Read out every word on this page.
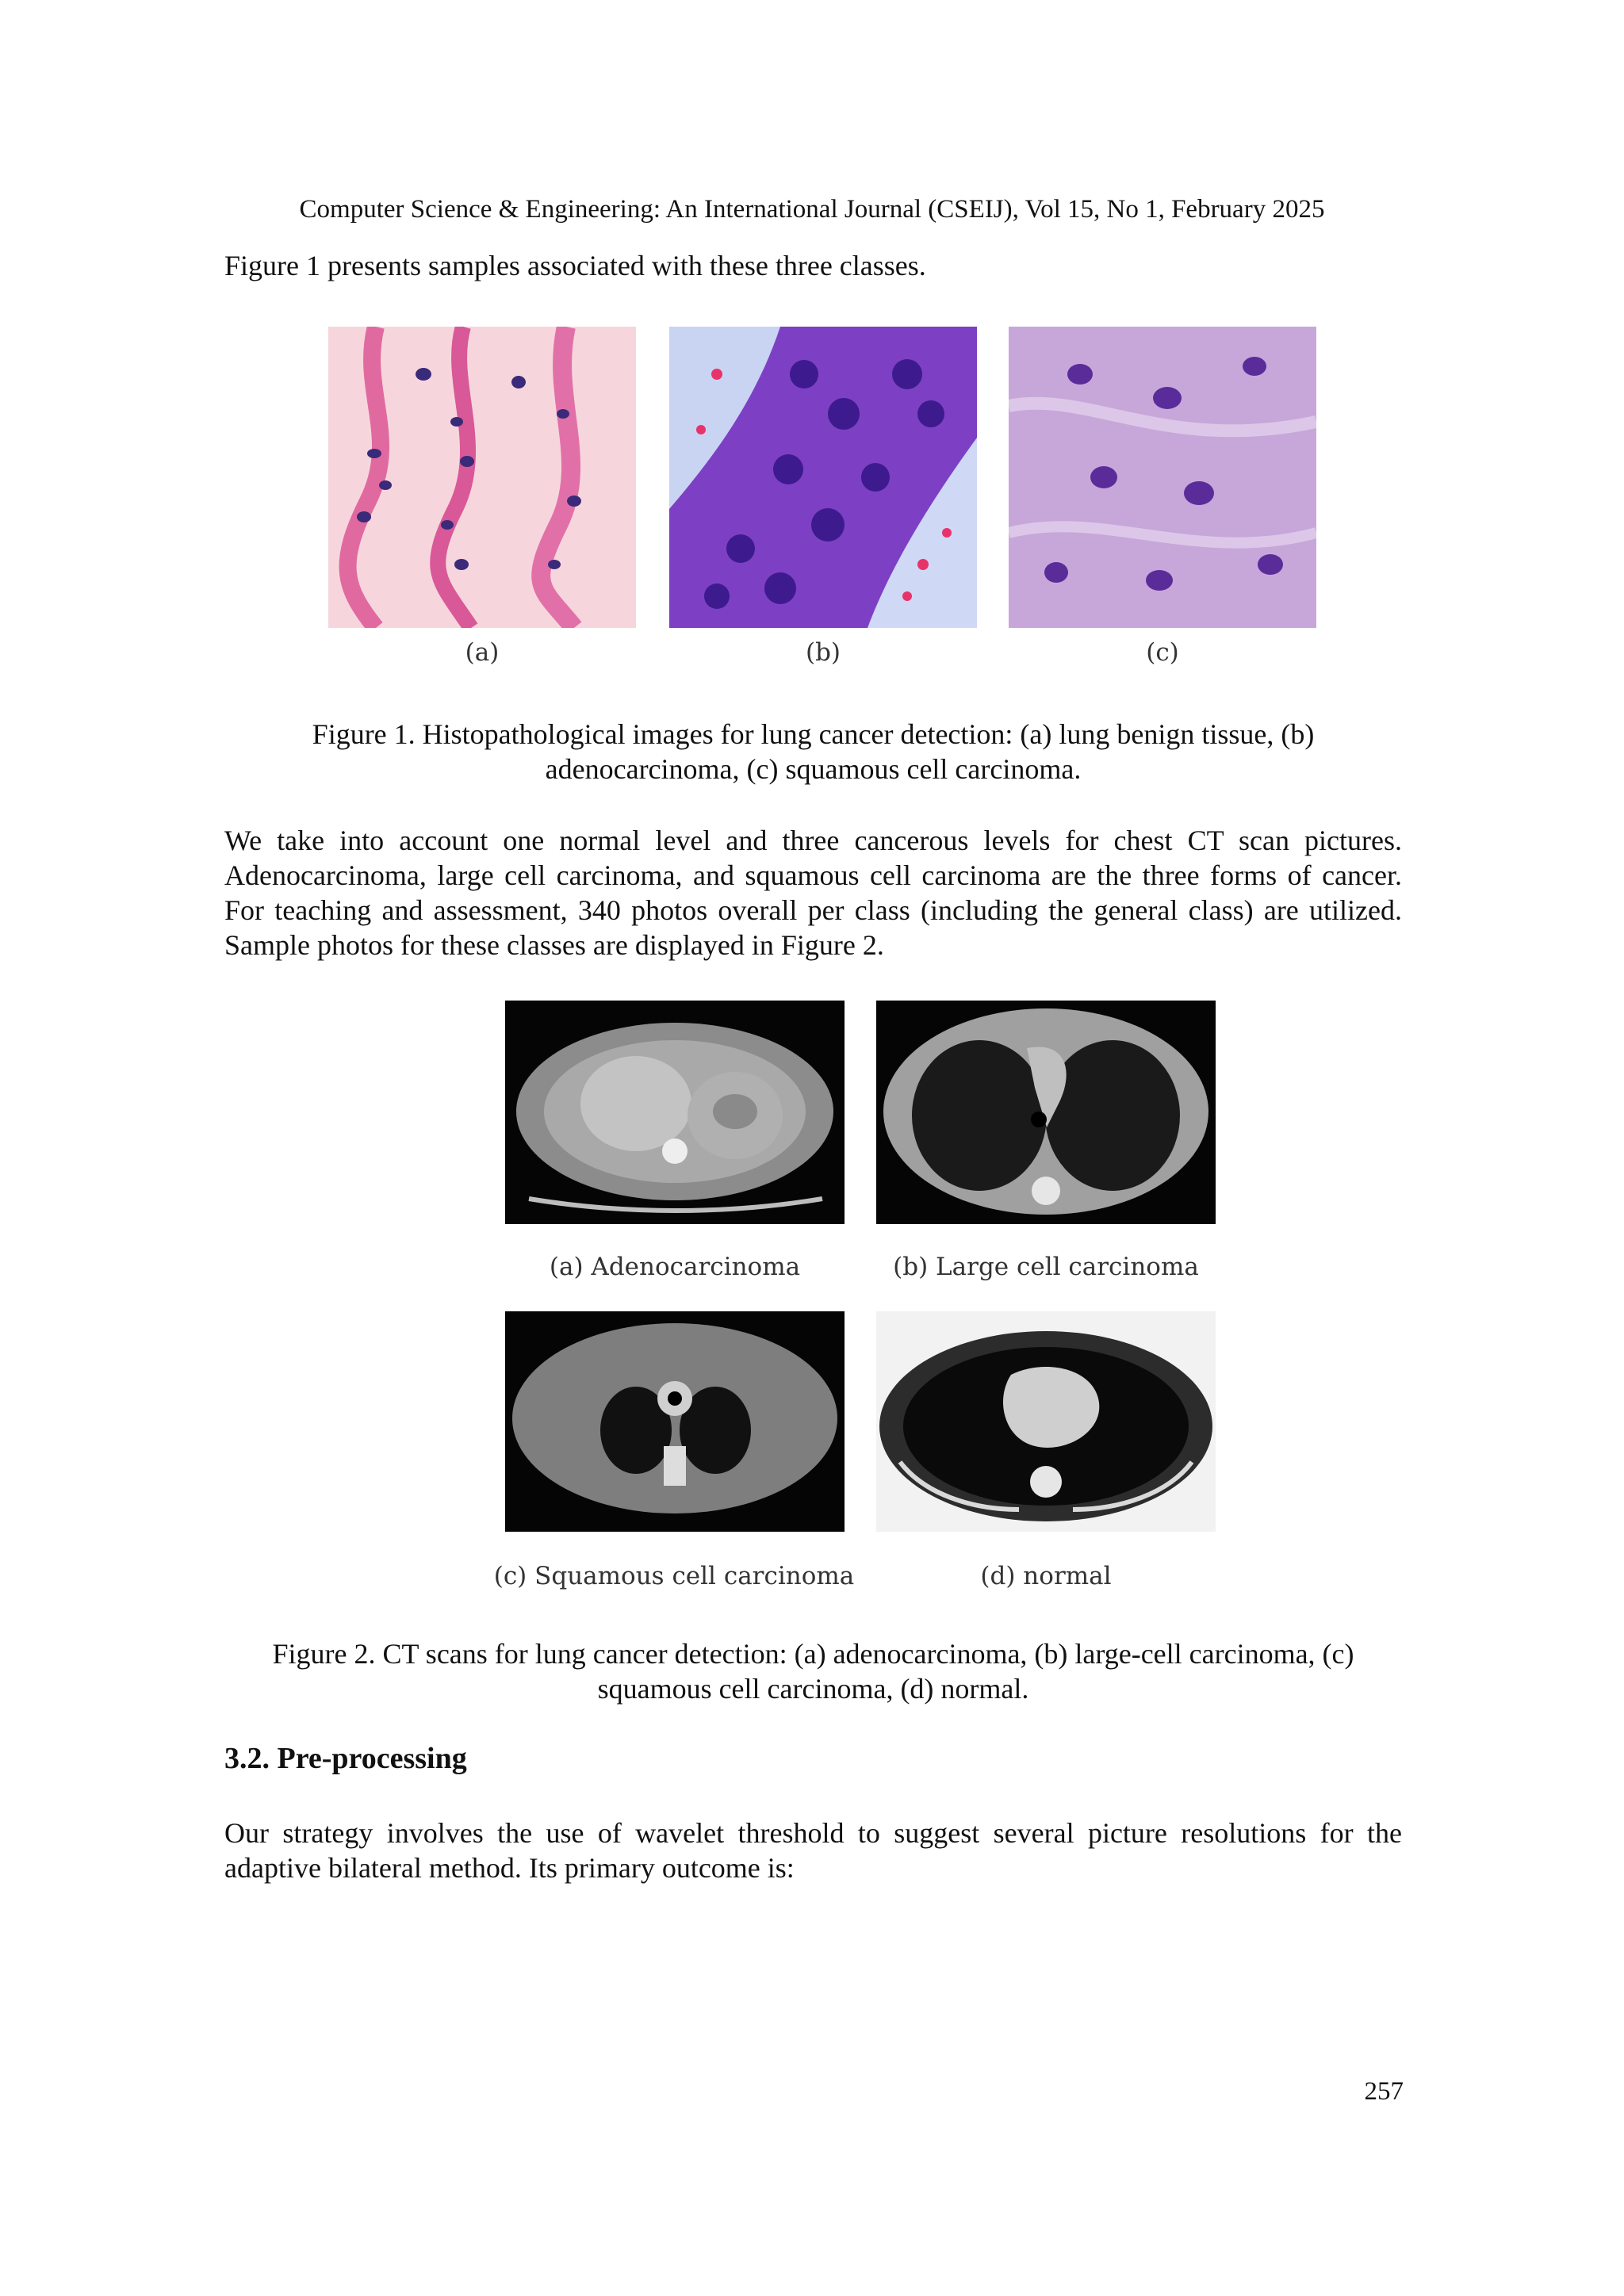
Computer Science & Engineering: An International Journal (CSEIJ), Vol 15, No 1, February 2025
Figure 1 presents samples associated with these three classes.
(a)	(b)	(c)
Figure 1. Histopathological images for lung cancer detection: (a) lung benign tissue, (b)
adenocarcinoma, (c) squamous cell carcinoma.
We take into account one normal level and three cancerous levels for chest CT scan pictures. Adenocarcinoma, large cell carcinoma, and squamous cell carcinoma are the three forms of cancer. For teaching and assessment, 340 photos overall per class (including the general class) are utilized. Sample photos for these classes are displayed in Figure 2.
(a) Adenocarcinoma	(b) Large cell carcinoma
(c) Squamous cell carcinoma	(d) normal
Figure 2. CT scans for lung cancer detection: (a) adenocarcinoma, (b) large-cell carcinoma, (c)
squamous cell carcinoma, (d) normal.
3.2. Pre-processing
Our strategy involves the use of wavelet threshold to suggest several picture resolutions for the adaptive bilateral method. Its primary outcome is:
257
